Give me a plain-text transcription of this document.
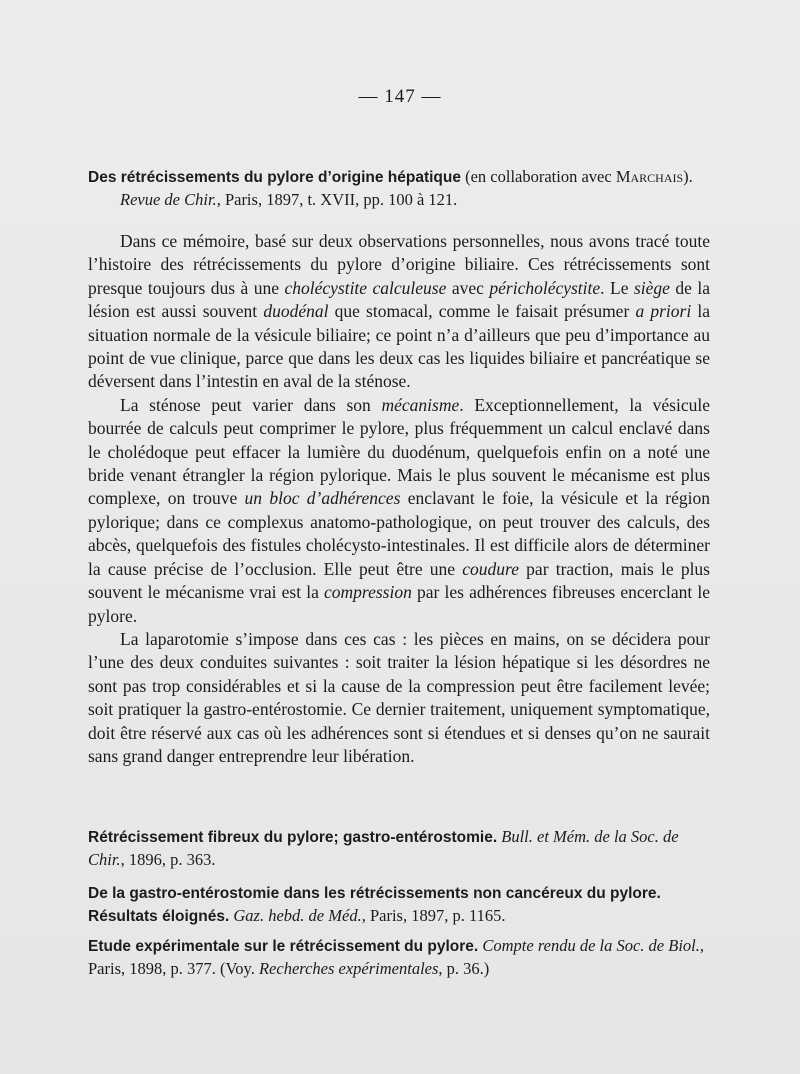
— 147 —
Des rétrécissements du pylore d’origine hépatique (en collaboration avec Marchais).
Revue de Chir., Paris, 1897, t. XVII, pp. 100 à 121.

Dans ce mémoire, basé sur deux observations personnelles, nous avons tracé toute l’histoire des rétrécissements du pylore d’origine biliaire. Ces rétrécissements sont presque toujours dus à une cholécystite calculeuse avec péricholécystite. Le siège de la lésion est aussi souvent duodénal que stomacal, comme le faisait présumer a priori la situation normale de la vésicule biliaire; ce point n’a d’ailleurs que peu d’importance au point de vue clinique, parce que dans les deux cas les liquides biliaire et pancréatique se déversent dans l’intestin en aval de la sténose.

La sténose peut varier dans son mécanisme. Exceptionnellement, la vésicule bourrée de calculs peut comprimer le pylore, plus fréquemment un calcul enclavé dans le cholédoque peut effacer la lumière du duodénum, quelquefois enfin on a noté une bride venant étrangler la région pylorique. Mais le plus souvent le mécanisme est plus complexe, on trouve un bloc d’adhérences enclavant le foie, la vésicule et la région pylorique; dans ce complexus anatomo-pathologique, on peut trouver des calculs, des abcès, quelquefois des fistules cholécysto-intestinales. Il est difficile alors de déterminer la cause précise de l’occlusion. Elle peut être une coudure par traction, mais le plus souvent le mécanisme vrai est la compression par les adhérences fibreuses encerclant le pylore.

La laparotomie s’impose dans ces cas : les pièces en mains, on se décidera pour l’une des deux conduites suivantes : soit traiter la lésion hépatique si les désordres ne sont pas trop considérables et si la cause de la compression peut être facilement levée; soit pratiquer la gastro-entérostomie. Ce dernier traitement, uniquement symptomatique, doit être réservé aux cas où les adhérences sont si étendues et si denses qu’on ne saurait sans grand danger entreprendre leur libération.

Rétrécissement fibreux du pylore; gastro-entérostomie. Bull. et Mém. de la Soc. de Chir., 1896, p. 363.
De la gastro-entérostomie dans les rétrécissements non cancéreux du pylore. Résultats éloignés. Gaz. hebd. de Méd., Paris, 1897, p. 1165.
Etude expérimentale sur le rétrécissement du pylore. Compte rendu de la Soc. de Biol., Paris, 1898, p. 377. (Voy. Recherches expérimentales, p. 36.)
